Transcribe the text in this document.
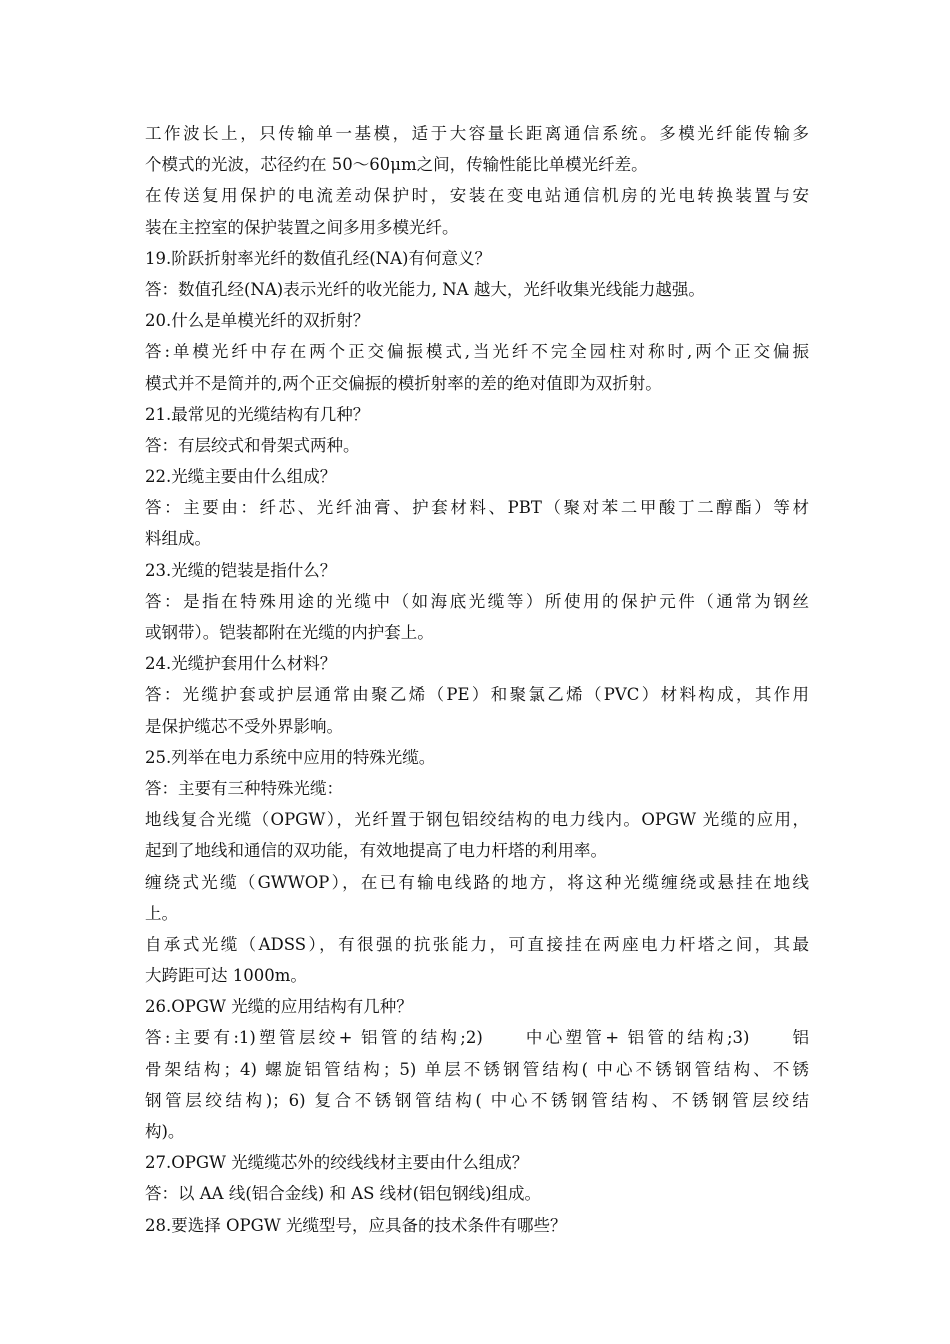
工作波长上，只传输单一基模，适于大容量长距离通信系统。多模光纤能传输多
个模式的光波，芯径约在 50～60μm之间，传输性能比单模光纤差。
在传送复用保护的电流差动保护时，安装在变电站通信机房的光电转换装置与安
装在主控室的保护装置之间多用多模光纤。
19.阶跃折射率光纤的数值孔经(NA)有何意义？
答：数值孔经(NA)表示光纤的收光能力, NA 越大，光纤收集光线能力越强。
20.什么是单模光纤的双折射？
答:单模光纤中存在两个正交偏振模式,当光纤不完全园柱对称时,两个正交偏振
模式并不是简并的,两个正交偏振的模折射率的差的绝对值即为双折射。
21.最常见的光缆结构有几种？
答：有层绞式和骨架式两种。
22.光缆主要由什么组成？
答：主要由：纤芯、光纤油膏、护套材料、PBT（聚对苯二甲酸丁二醇酯）等材
料组成。
23.光缆的铠装是指什么？
答：是指在特殊用途的光缆中（如海底光缆等）所使用的保护元件（通常为钢丝
或钢带）。铠装都附在光缆的内护套上。
24.光缆护套用什么材料？
答：光缆护套或护层通常由聚乙烯（PE）和聚氯乙烯（PVC）材料构成，其作用
是保护缆芯不受外界影响。
25.列举在电力系统中应用的特殊光缆。
答：主要有三种特殊光缆：
地线复合光缆（OPGW），光纤置于钢包铝绞结构的电力线内。OPGW 光缆的应用，
起到了地线和通信的双功能，有效地提高了电力杆塔的利用率。
缠绕式光缆（GWWOP），在已有输电线路的地方，将这种光缆缠绕或悬挂在地线
上。
自承式光缆（ADSS），有很强的抗张能力，可直接挂在两座电力杆塔之间，其最
大跨距可达 1000m。
26.OPGW 光缆的应用结构有几种？
答:主要有:1)塑管层绞+ 铝管的结构;2)　　中心塑管+ 铝管的结构;3)　　铝
骨架结构；4) 螺旋铝管结构；5) 单层不锈钢管结构( 中心不锈钢管结构、不锈
钢管层绞结构)；6) 复合不锈钢管结构( 中心不锈钢管结构、不锈钢管层绞结
构)。
27.OPGW 光缆缆芯外的绞线线材主要由什么组成？
答：以 AA 线(铝合金线) 和 AS 线材(铝包钢线)组成。
28.要选择 OPGW 光缆型号，应具备的技术条件有哪些？
